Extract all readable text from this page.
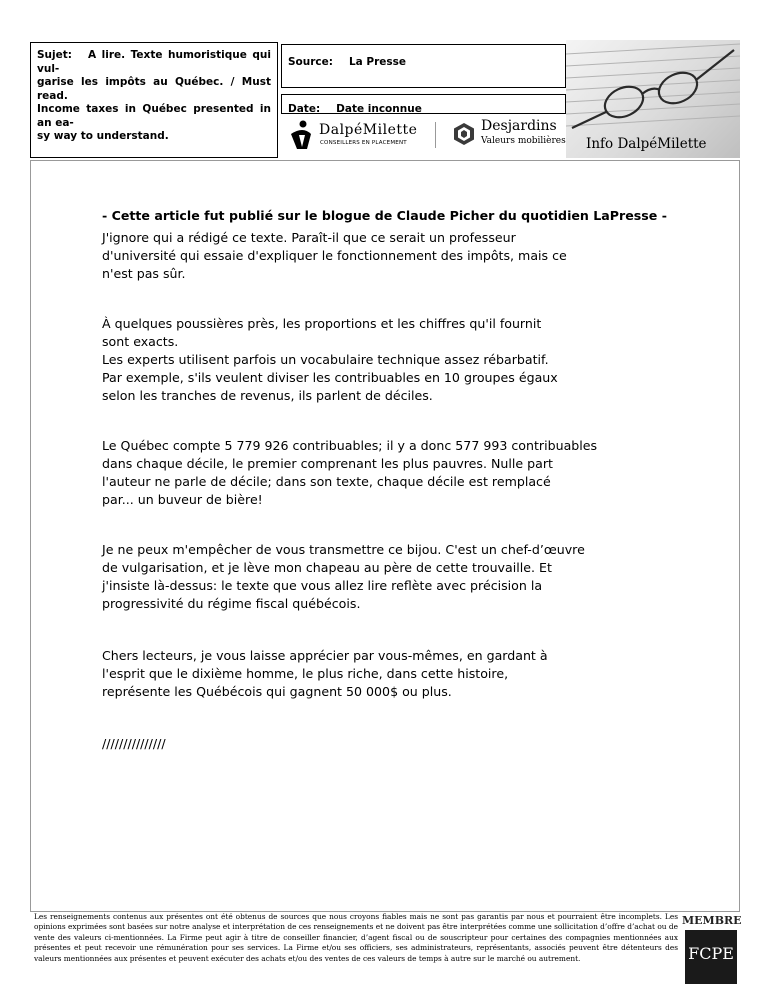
Sujet: A lire. Texte humoristique qui vul-
garise les impôts au Québec. / Must read.
Income taxes in Québec presented in an ea-
sy way to understand.
Source: La Presse
Date: Date inconnue
DalpéMilette
CONSEILLERS EN PLACEMENT
Desjardins
Valeurs mobilières Info DalpéMilette

- Cette article fut publié sur le blogue de Claude Picher du quotidien LaPresse -

J'ignore qui a rédigé ce texte. Paraît-il que ce serait un professeur
d'université qui essaie d'expliquer le fonctionnement des impôts, mais ce
n'est pas sûr.

À quelques poussières près, les proportions et les chiffres qu'il fournit
sont exacts.
Les experts utilisent parfois un vocabulaire technique assez rébarbatif.
Par exemple, s'ils veulent diviser les contribuables en 10 groupes égaux
selon les tranches de revenus, ils parlent de déciles.

Le Québec compte 5 779 926 contribuables; il y a donc 577 993 contribuables
dans chaque décile, le premier comprenant les plus pauvres. Nulle part
l'auteur ne parle de décile; dans son texte, chaque décile est remplacé
par... un buveur de bière!

Je ne peux m'empêcher de vous transmettre ce bijou. C'est un chef-d’œuvre
de vulgarisation, et je lève mon chapeau au père de cette trouvaille. Et
j'insiste là-dessus: le texte que vous allez lire reflète avec précision la
progressivité du régime fiscal québécois.

Chers lecteurs, je vous laisse apprécier par vous-mêmes, en gardant à
l'esprit que le dixième homme, le plus riche, dans cette histoire,
représente les Québécois qui gagnent 50 000$ ou plus.

///////////////

Les renseignements contenus aux présentes ont été obtenus de sources que nous croyons fiables mais ne sont pas garantis par nous et pourraient être incomplets. Les opinions exprimées sont basées sur notre analyse et interprétation de ces renseignements et ne doivent pas être interprétées comme une sollicitation d’offre d’achat ou de vente des valeurs ci-mentionnées. La Firme peut agir à titre de conseiller financier, d’agent fiscal ou de souscripteur pour certaines des compagnies mentionnées aux présentes et peut recevoir une rémunération pour ses services. La Firme et/ou ses officiers, ses administrateurs, représentants, associés peuvent être détenteurs des valeurs mentionnées aux présentes et peuvent exécuter des achats et/ou des ventes de ces valeurs de temps à autre sur le marché ou autrement.

MEMBRE
FCPE
